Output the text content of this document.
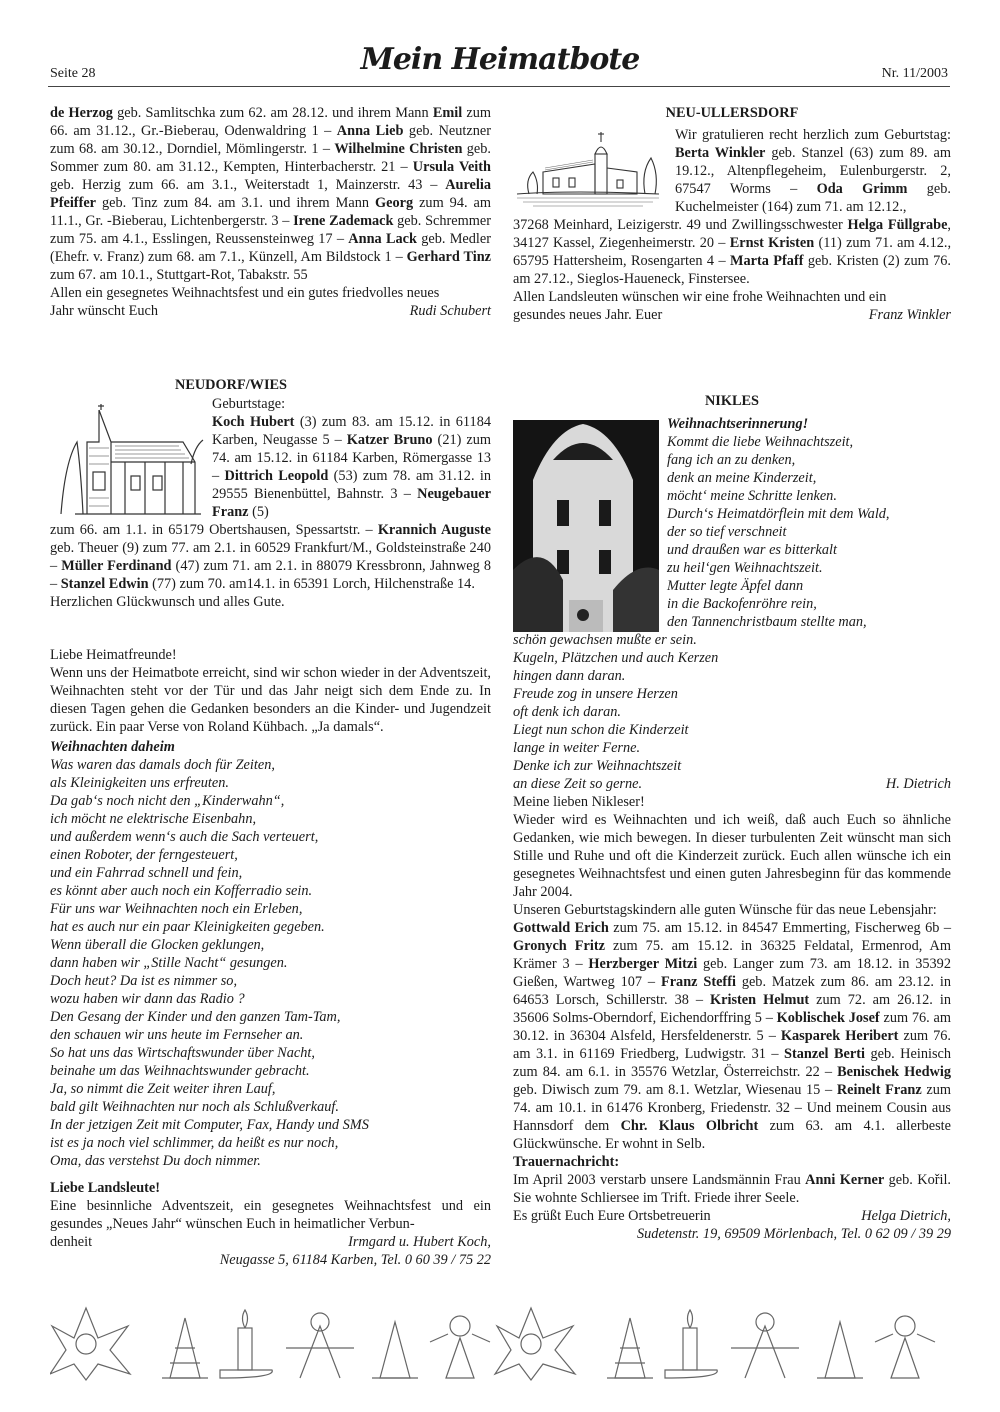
Seite 28	Mein Heimatbote	Nr. 11/2003

de Herzog geb. Samlitschka zum 62. am 28.12. und ihrem Mann Emil zum 66. am 31.12., Gr.-Bieberau, Odenwaldring 1 – Anna Lieb geb. Neutzner zum 68. am 30.12., Dorndiel, Mömlingerstr. 1 – Wilhelmine Christen geb. Sommer zum 80. am 31.12., Kempten, Hinterbacherstr. 21 – Ursula Veith geb. Herzig zum 66. am 3.1., Weiterstadt 1, Mainzerstr. 43 – Aurelia Pfeiffer geb. Tinz zum 84. am 3.1. und ihrem Mann Georg zum 94. am 11.1., Gr. -Bieberau, Lichtenbergerstr. 3 – Irene Zademack geb. Schremmer zum 75. am 4.1., Esslingen, Reussensteinweg 17 – Anna Lack geb. Medler (Ehefr. v. Franz) zum 68. am 7.1., Künzell, Am Bildstock 1 – Gerhard Tinz zum 67. am 10.1., Stuttgart-Rot, Tabakstr. 55

Allen ein gesegnetes Weihnachtsfest und ein gutes friedvolles neues

Jahr wünscht Euch	Rudi Schubert

NEUDORF/WIES

Geburtstage:

Koch Hubert (3) zum 83. am 15.12. in 61184 Karben, Neugasse 5 – Katzer Bruno (21) zum 74. am 15.12. in 61184 Karben, Römergasse 13 – Dittrich Leopold (53) zum 78. am 31.12. in 29555 Bienenbüttel, Bahnstr. 3 – Neugebauer Franz (5)

zum 66. am 1.1. in 65179 Obertshausen, Spessartstr. – Krannich Auguste geb. Theuer (9) zum 77. am 2.1. in 60529 Frankfurt/M., Goldsteinstraße 240 – Müller Ferdinand (47) zum 71. am 2.1. in 88079 Kressbronn, Jahnweg 8 – Stanzel Edwin (77) zum 70. am14.1. in 65391 Lorch, Hilchenstraße 14.

Herzlichen Glückwunsch und alles Gute.

Liebe Heimatfreunde!

Wenn uns der Heimatbote erreicht, sind wir schon wieder in der Adventszeit, Weihnachten steht vor der Tür und das Jahr neigt sich dem Ende zu. In diesen Tagen gehen die Gedanken besonders an die Kinder- und Jugendzeit zurück. Ein paar Verse von Roland Kühbach. „Ja damals“.

Weihnachten daheim

Was waren das damals doch für Zeiten,
als Kleinigkeiten uns erfreuten.
Da gab‘s noch nicht den „Kinderwahn“,
ich möcht ne elektrische Eisenbahn,
und außerdem wenn‘s auch die Sach verteuert,
einen Roboter, der ferngesteuert,
und ein Fahrrad schnell und fein,
es könnt aber auch noch ein Kofferradio sein.
Für uns war Weihnachten noch ein Erleben,
hat es auch nur ein paar Kleinigkeiten gegeben.
Wenn überall die Glocken geklungen,
dann haben wir „Stille Nacht“ gesungen.
Doch heut? Da ist es nimmer so,
wozu haben wir dann das Radio ?
Den Gesang der Kinder und den ganzen Tam-Tam,
den schauen wir uns heute im Fernseher an.
So hat uns das Wirtschaftswunder über Nacht,
beinahe um das Weihnachtswunder gebracht.
Ja, so nimmt die Zeit weiter ihren Lauf,
bald gilt Weihnachten nur noch als Schlußverkauf.
In der jetzigen Zeit mit Computer, Fax, Handy und SMS
ist es ja noch viel schlimmer, da heißt es nur noch,
Oma, das verstehst Du doch nimmer.

Liebe Landsleute!

Eine besinnliche Adventszeit, ein gesegnetes Weihnachtsfest und ein gesundes „Neues Jahr“ wünschen Euch in heimatlicher Verbun-

denheit	Irmgard u. Hubert Koch,

Neugasse 5, 61184 Karben, Tel. 0 60 39 / 75 22

NEU-ULLERSDORF

Wir gratulieren recht herzlich zum Geburtstag: Berta Winkler geb. Stanzel (63) zum 89. am 19.12., Altenpflegeheim, Eulenburgerstr. 2, 67547 Worms – Oda Grimm geb. Kuchelmeister (164) zum 71. am 12.12.,

37268 Meinhard, Leizigerstr. 49 und Zwillingsschwester Helga Füllgrabe, 34127 Kassel, Ziegenheimerstr. 20 – Ernst Kristen (11) zum 71. am 4.12., 65795 Hattersheim, Rosengarten 4 – Marta Pfaff geb. Kristen (2) zum 76. am 27.12., Sieglos-Haueneck, Finstersee.

Allen Landsleuten wünschen wir eine frohe Weihnachten und ein

gesundes neues Jahr. Euer	Franz Winkler

NIKLES

Weihnachtserinnerung!

Kommt die liebe Weihnachtszeit,
fang ich an zu denken,
denk an meine Kinderzeit,
möcht‘ meine Schritte lenken.
Durch‘s Heimatdörflein mit dem Wald,
der so tief verschneit
und draußen war es bitterkalt
zu heil‘gen Weihnachtszeit.
Mutter legte Äpfel dann
in die Backofenröhre rein,
den Tannenchristbaum stellte man,
schön gewachsen mußte er sein.
Kugeln, Plätzchen und auch Kerzen
hingen dann daran.
Freude zog in unsere Herzen
oft denk ich daran.
Liegt nun schon die Kinderzeit
lange in weiter Ferne.
Denke ich zur Weihnachtszeit
an diese Zeit so gerne.	H. Dietrich

Meine lieben Nikleser!

Wieder wird es Weihnachten und ich weiß, daß auch Euch so ähnliche Gedanken, wie mich bewegen. In dieser turbulenten Zeit wünscht man sich Stille und Ruhe und oft die Kinderzeit zurück. Euch allen wünsche ich ein gesegnetes Weihnachtsfest und einen guten Jahresbeginn für das kommende Jahr 2004.

Unseren Geburtstagskindern alle guten Wünsche für das neue Lebensjahr:

Gottwald Erich zum 75. am 15.12. in 84547 Emmerting, Fischerweg 6b – Gronych Fritz zum 75. am 15.12. in 36325 Feldatal, Ermenrod, Am Krämer 3 – Herzberger Mitzi geb. Langer zum 73. am 18.12. in 35392 Gießen, Wartweg 107 – Franz Steffi geb. Matzek zum 86. am 23.12. in 64653 Lorsch, Schillerstr. 38 – Kristen Helmut zum 72. am 26.12. in 35606 Solms-Oberndorf, Eichendorffring 5 – Koblischek Josef zum 76. am 30.12. in 36304 Alsfeld, Hersfeldenerstr. 5 – Kasparek Heribert zum 76. am 3.1. in 61169 Friedberg, Ludwigstr. 31 – Stanzel Berti geb. Heinisch zum 84. am 6.1. in 35576 Wetzlar, Österreichstr. 22 – Benischek Hedwig geb. Diwisch zum 79. am 8.1. Wetzlar, Wiesenau 15 – Reinelt Franz zum 74. am 10.1. in 61476 Kronberg, Friedenstr. 32 – Und meinem Cousin aus Hannsdorf dem Chr. Klaus Olbricht zum 63. am 4.1. allerbeste Glückwünsche. Er wohnt in Selb.

Trauernachricht:

Im April 2003 verstarb unsere Landsmännin Frau Anni Kerner geb. Kořil. Sie wohnte Schliersee im Trift. Friede ihrer Seele.

Es grüßt Euch Eure Ortsbetreuerin	Helga Dietrich,

Sudetenstr. 19, 69509 Mörlenbach, Tel. 0 62 09 / 39 29
